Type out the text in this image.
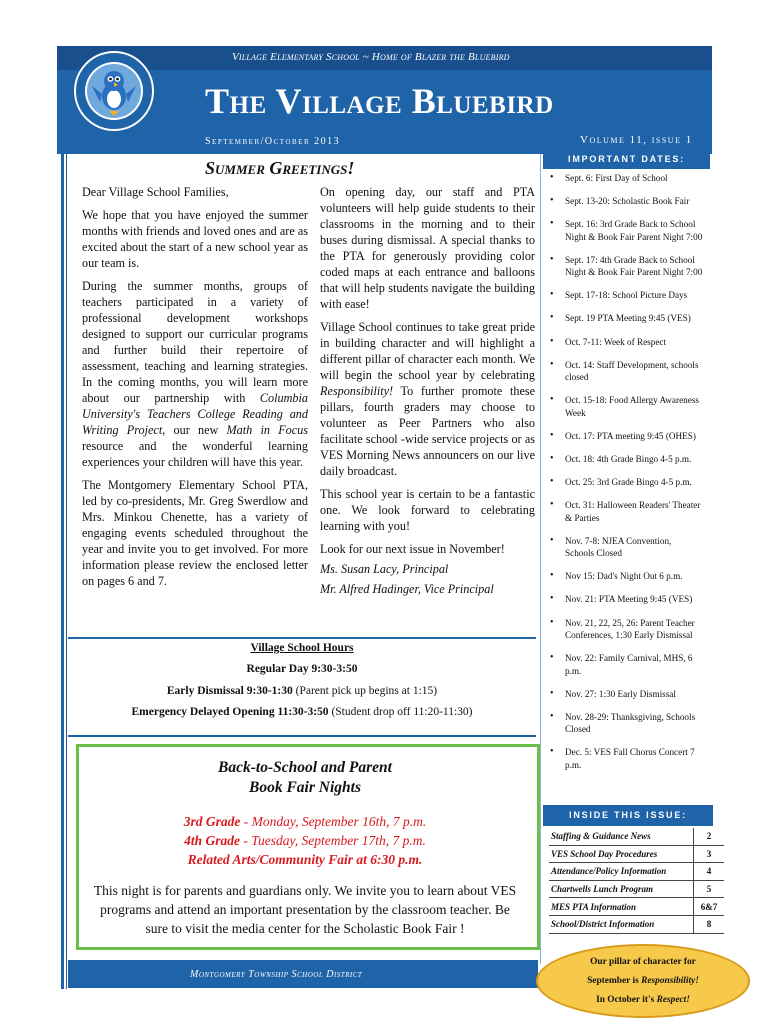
Village Elementary School ~ Home of Blazer the Bluebird
The Village Bluebird
September/October 2013	Volume 11, issue 1
Summer Greetings!

Dear Village School Families,

We hope that you have enjoyed the summer months with friends and loved ones and are as excited about the start of a new school year as our team is.

During the summer months, groups of teachers participated in a variety of professional development workshops designed to support our curricular programs and further build their repertoire of assessment, teaching and learning strategies. In the coming months, you will learn more about our partnership with Columbia University's Teachers College Reading and Writing Project, our new Math in Focus resource and the wonderful learning experiences your children will have this year.

The Montgomery Elementary School PTA, led by co-presidents, Mr. Greg Swerdlow and Mrs. Minkou Chenette, has a variety of engaging events scheduled throughout the year and invite you to get involved. For more information please review the enclosed letter on pages 6 and 7.

On opening day, our staff and PTA volunteers will help guide students to their classrooms in the morning and to their buses during dismissal. A special thanks to the PTA for generously providing color coded maps at each entrance and balloons that will help students navigate the building with ease!

Village School continues to take great pride in building character and will highlight a different pillar of character each month. We will begin the school year by celebrating Responsibility! To further promote these pillars, fourth graders may choose to volunteer as Peer Partners who also facilitate school -wide service projects or as VES Morning News announcers on our live daily broadcast.

This school year is certain to be a fantastic one. We look forward to celebrating learning with you!

Look for our next issue in November!

Ms. Susan Lacy, Principal

Mr. Alfred Hadinger, Vice Principal

Village School Hours
Regular Day 9:30-3:50
Early Dismissal 9:30-1:30 (Parent pick up begins at 1:15)
Emergency Delayed Opening 11:30-3:50 (Student drop off 11:20-11:30)
Back-to-School and Parent
Book Fair Nights
3rd Grade - Monday, September 16th, 7 p.m.
4th Grade - Tuesday, September 17th, 7 p.m.
Related Arts/Community Fair at 6:30 p.m.
This night is for parents and guardians only. We invite you to learn about VES programs and attend an important presentation by the classroom teacher. Be sure to visit the media center for the Scholastic Book Fair !
Montgomery Township School District
IMPORTANT DATES:
• Sept. 6: First Day of School
• Sept. 13-20: Scholastic Book Fair
• Sept. 16: 3rd Grade Back to School
Night & Book Fair Parent Night 7:00
• Sept. 17: 4th Grade Back to School
Night & Book Fair Parent Night 7:00
• Sept. 17-18: School Picture Days
• Sept. 19 PTA Meeting 9:45 (VES)
• Oct. 7-11: Week of Respect
• Oct. 14: Staff Development, schools
closed
• Oct. 15-18: Food Allergy Awareness
Week
• Oct. 17: PTA meeting 9:45 (OHES)
• Oct. 18: 4th Grade Bingo 4-5 p.m.
• Oct. 25: 3rd Grade Bingo 4-5 p.m.
• Oct. 31: Halloween Readers' Theater
& Parties
• Nov. 7-8: NJEA Convention,
Schools Closed
• Nov 15: Dad's Night Out 6 p.m.
• Nov. 21: PTA Meeting 9:45 (VES)
• Nov. 21, 22, 25, 26: Parent Teacher
Conferences, 1:30 Early Dismissal
• Nov. 22: Family Carnival, MHS, 6
p.m.
• Nov. 27: 1:30 Early Dismissal
• Nov. 28-29: Thanksgiving, Schools
Closed
• Dec. 5: VES Fall Chorus Concert 7
p.m.
INSIDE THIS ISSUE:
Staffing & Guidance News	2
VES School Day Procedures	3
Attendance/Policy Information	4
Chartwells Lunch Program	5
MES PTA Information	6&7
School/District Information	8
Our pillar of character for
September is Responsibility!
In October it's Respect!
